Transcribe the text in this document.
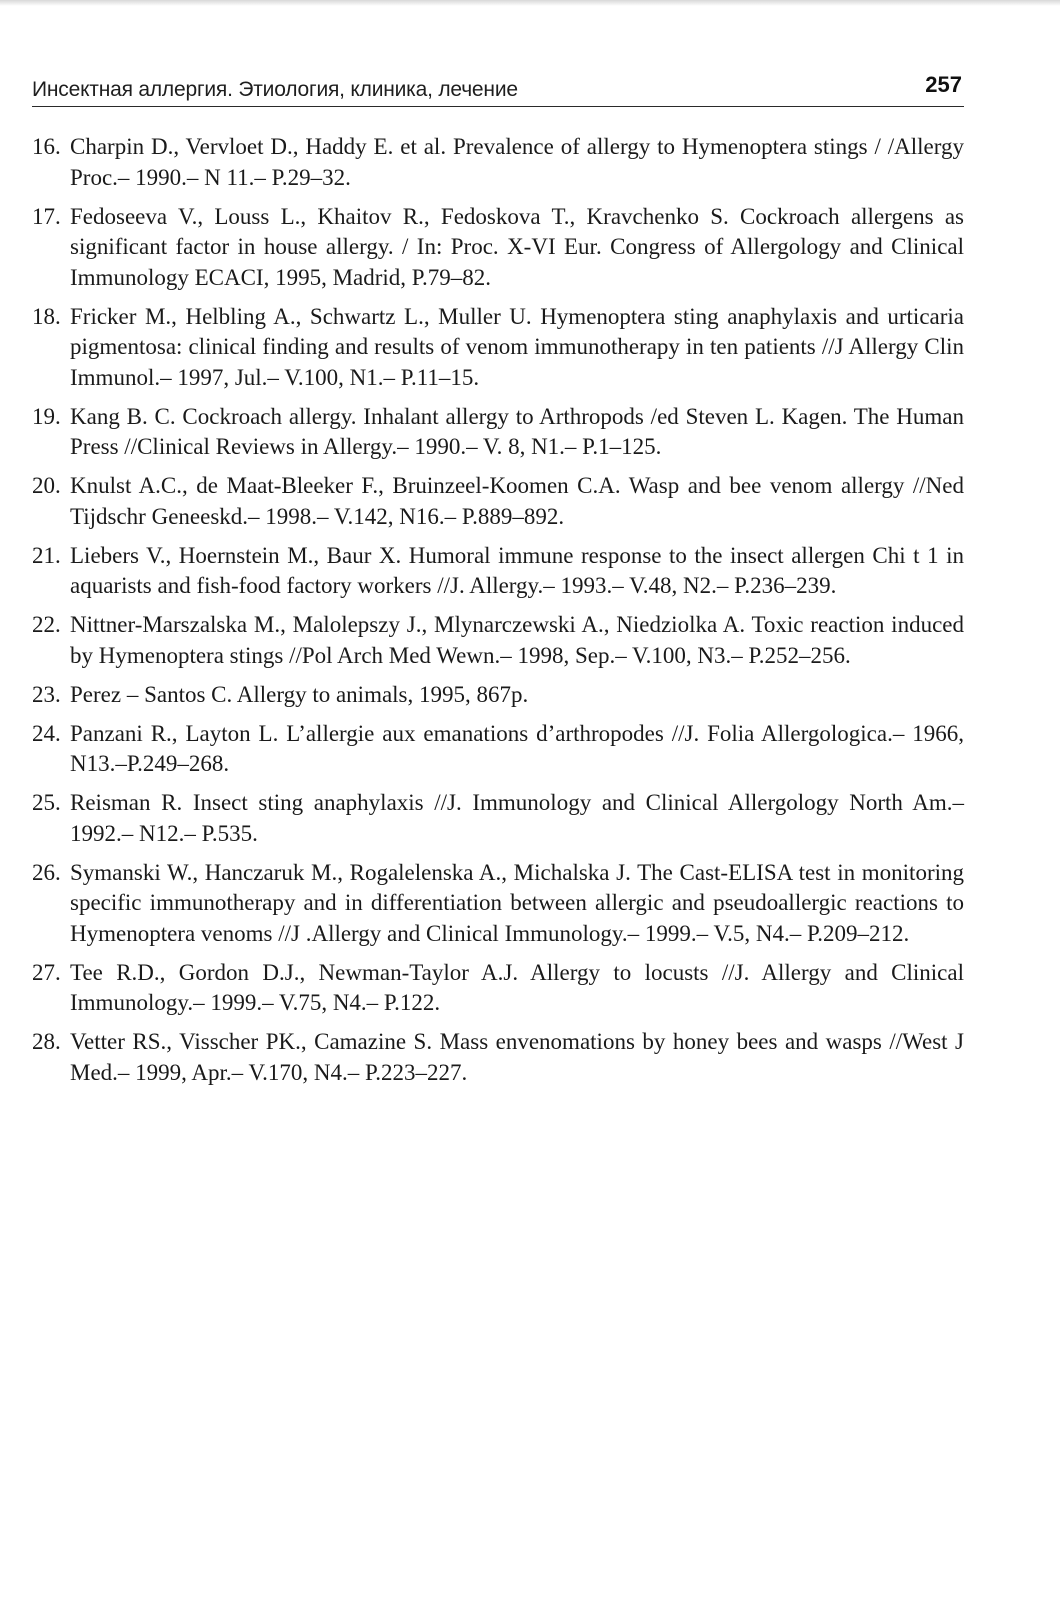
Инсектная аллергия. Этиология, клиника, лечение	257
16. Charpin D., Vervloet D., Haddy E. et al. Prevalence of allergy to Hymenoptera stings / /Allergy Proc.– 1990.– N 11.– P.29–32.
17. Fedoseeva V., Louss L., Khaitov R., Fedoskova T., Kravchenko S. Cockroach allergens as significant factor in house allergy. / In: Proc. X-VI Eur. Congress of Allergology and Clinical Immunology ECACI, 1995, Madrid, P.79–82.
18. Fricker M., Helbling A., Schwartz L., Muller U. Hymenoptera sting anaphylaxis and urticaria pigmentosa: clinical finding and results of venom immunotherapy in ten patients //J Allergy Clin Immunol.– 1997, Jul.– V.100, N1.– P.11–15.
19. Kang B. C. Cockroach allergy. Inhalant allergy to Arthropods /ed Steven L. Kagen. The Human Press //Clinical Reviews in Allergy.– 1990.– V. 8, N1.– P.1–125.
20. Knulst A.C., de Maat-Bleeker F., Bruinzeel-Koomen C.A. Wasp and bee venom allergy //Ned Tijdschr Geneeskd.– 1998.– V.142, N16.– P.889–892.
21. Liebers V., Hoernstein M., Baur X. Humoral immune response to the insect allergen Chi t 1 in aquarists and fish-food factory workers //J. Allergy.– 1993.– V.48, N2.– P.236–239.
22. Nittner-Marszalska M., Malolepszy J., Mlynarczewski A., Niedziolka A. Toxic reaction induced by Hymenoptera stings //Pol Arch Med Wewn.– 1998, Sep.– V.100, N3.– P.252–256.
23. Perez – Santos C. Allergy to animals, 1995, 867p.
24. Panzani R., Layton L. L’allergie aux emanations d’arthropodes //J. Folia Allergologica.– 1966, N13.–P.249–268.
25. Reisman R. Insect sting anaphylaxis //J. Immunology and Clinical Allergology North Am.– 1992.– N12.– P.535.
26. Symanski W., Hanczaruk M., Rogalelenska A., Michalska J. The Cast-ELISA test in monitoring specific immunotherapy and in differentiation between allergic and pseudoallergic reactions to Hymenoptera venoms //J .Allergy and Clinical Immunology.– 1999.– V.5, N4.– P.209–212.
27. Tee R.D., Gordon D.J., Newman-Taylor A.J. Allergy to locusts //J. Allergy and Clinical Immunology.– 1999.– V.75, N4.– P.122.
28. Vetter RS., Visscher PK., Camazine S. Mass envenomations by honey bees and wasps //West J Med.– 1999, Apr.– V.170, N4.– P.223–227.
